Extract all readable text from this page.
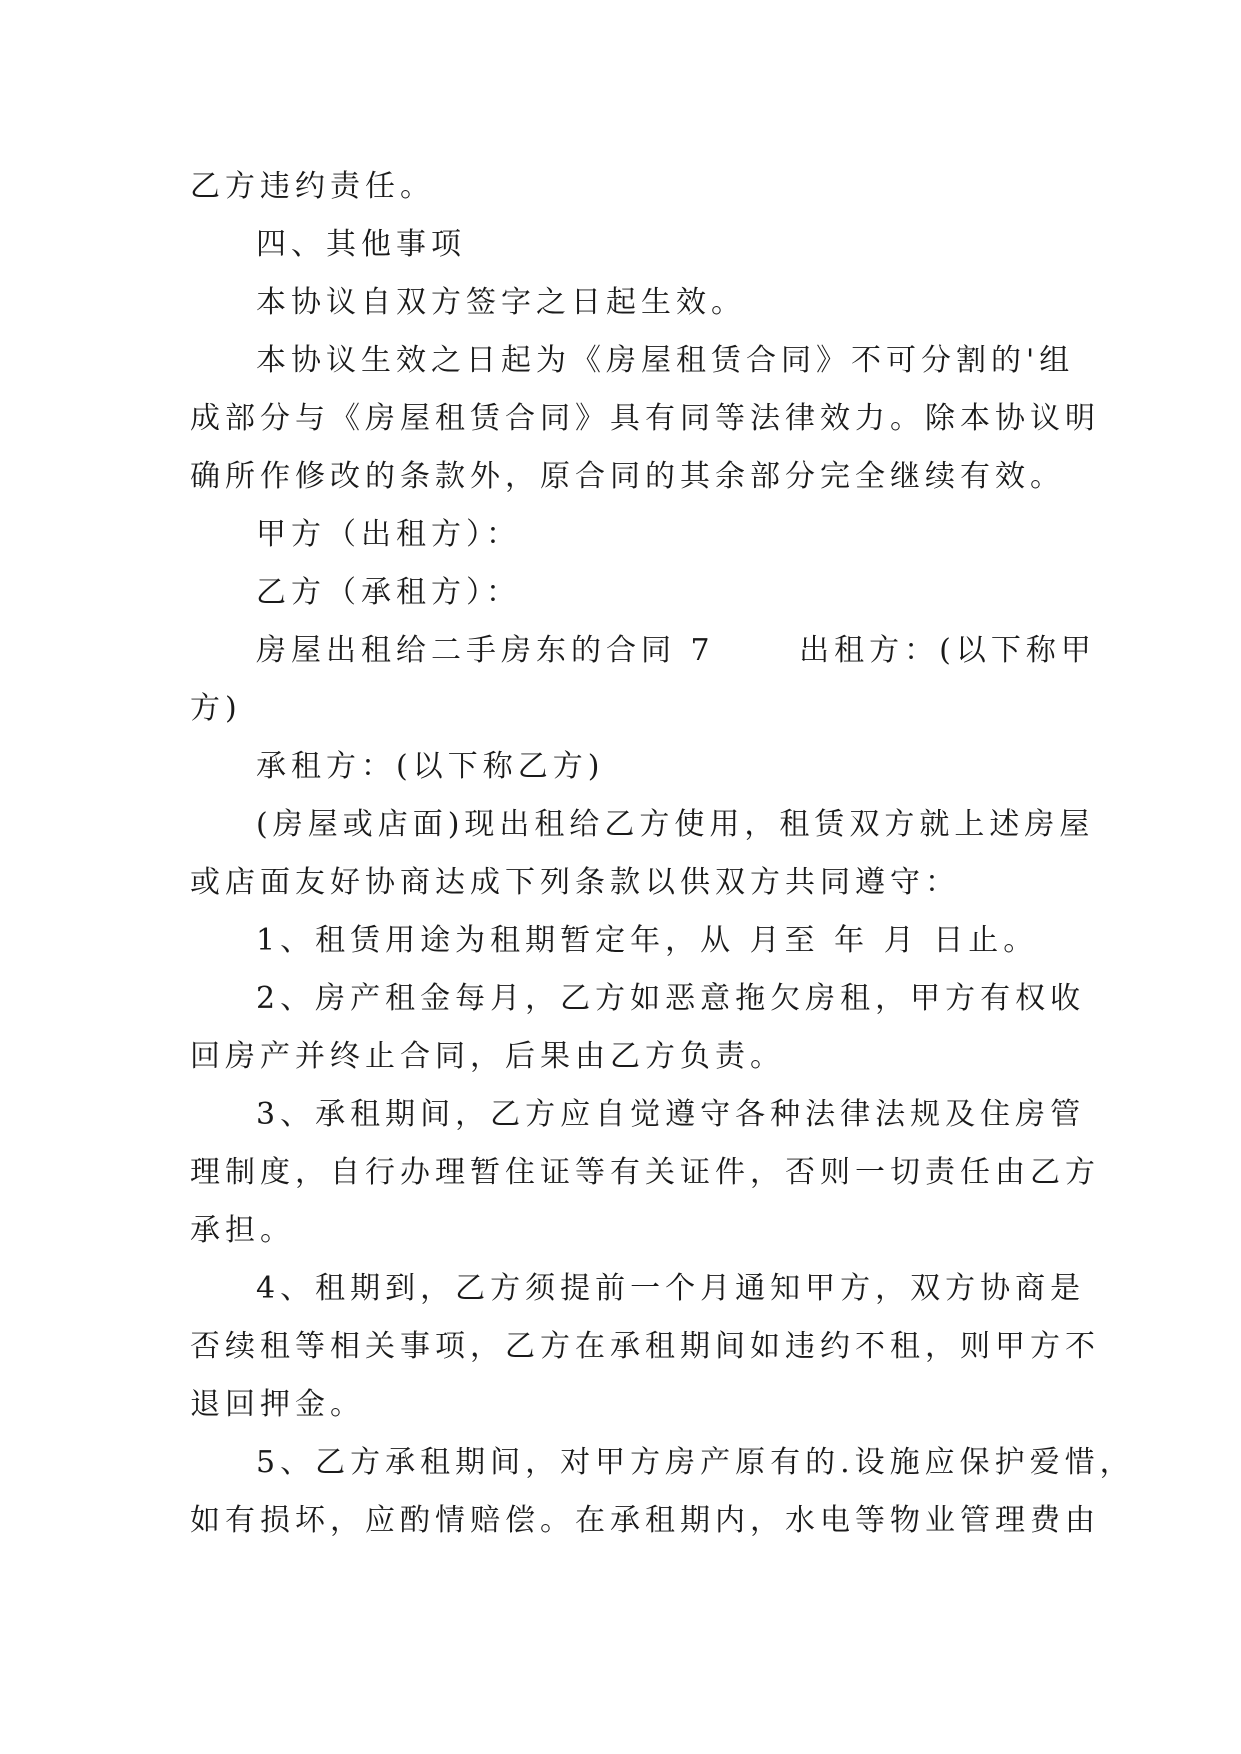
乙方违约责任。
四、其他事项
本协议自双方签字之日起生效。
本协议生效之日起为《房屋租赁合同》不可分割的'组
成部分与《房屋租赁合同》具有同等法律效力。除本协议明
确所作修改的条款外，原合同的其余部分完全继续有效。
甲方（出租方）：
乙方（承租方）：
房屋出租给二手房东的合同 7　　 出租方：(以下称甲
方)
承租方：(以下称乙方)
(房屋或店面)现出租给乙方使用，租赁双方就上述房屋
或店面友好协商达成下列条款以供双方共同遵守：
1、租赁用途为租期暂定年，从 月至 年 月 日止。
2、房产租金每月，乙方如恶意拖欠房租，甲方有权收
回房产并终止合同，后果由乙方负责。
3、承租期间，乙方应自觉遵守各种法律法规及住房管
理制度，自行办理暂住证等有关证件，否则一切责任由乙方
承担。
4、租期到，乙方须提前一个月通知甲方，双方协商是
否续租等相关事项，乙方在承租期间如违约不租，则甲方不
退回押金。
5、乙方承租期间，对甲方房产原有的.设施应保护爱惜，
如有损坏，应酌情赔偿。在承租期内，水电等物业管理费由
